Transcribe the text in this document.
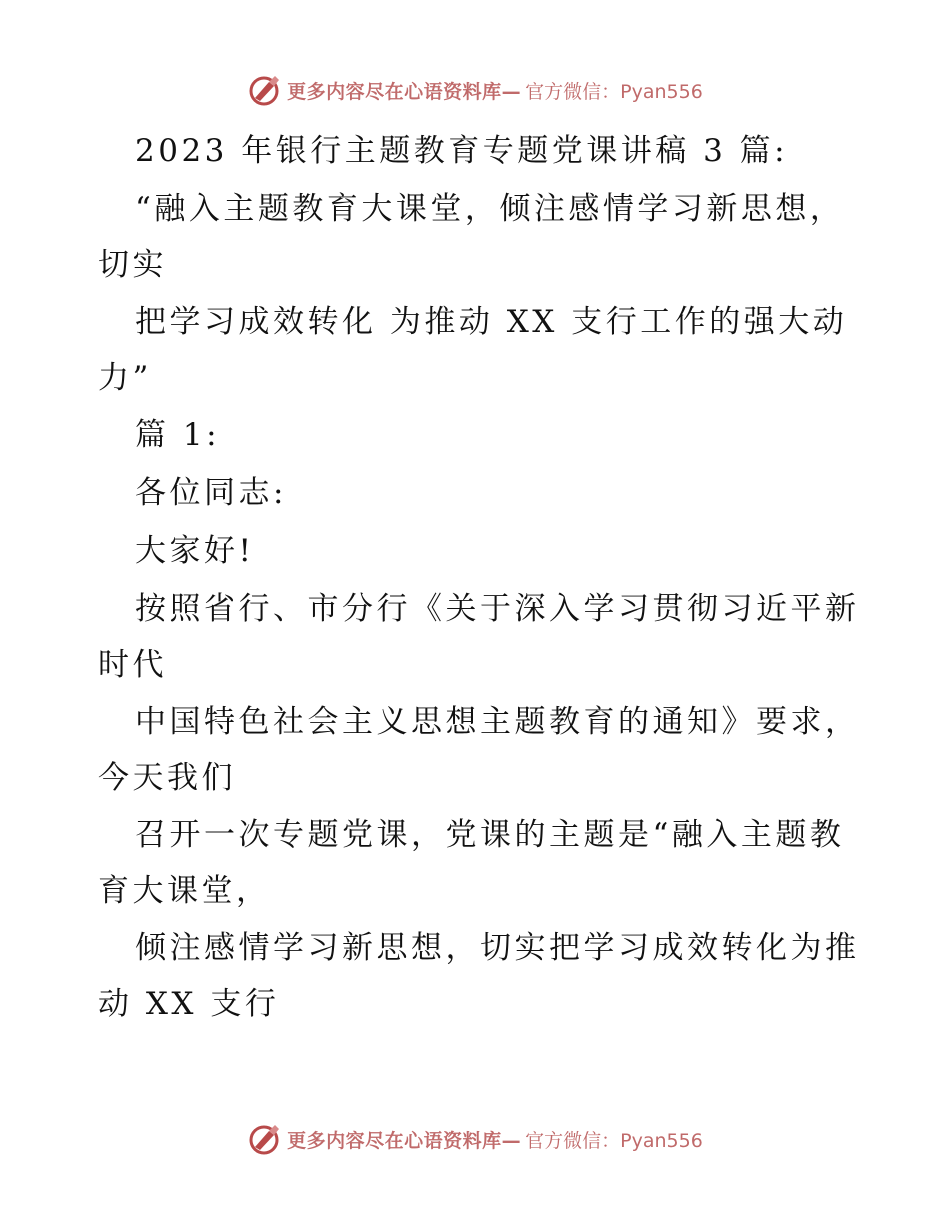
更多内容尽在心语资料库— 官方微信：Pyan556
2023 年银行主题教育专题党课讲稿 3 篇:
“融入主题教育大课堂，倾注感情学习新思想，
切实
把学习成效转化 为推动 XX 支行工作的强大动
力”
篇 1:
各位同志:
大家好!
按照省行、市分行《关于深入学习贯彻习近平新
时代
中国特色社会主义思想主题教育的通知》要求，
今天我们
召开一次专题党课，党课的主题是“融入主题教
育大课堂，
倾注感情学习新思想，切实把学习成效转化为推
动 XX 支行
更多内容尽在心语资料库— 官方微信：Pyan556
